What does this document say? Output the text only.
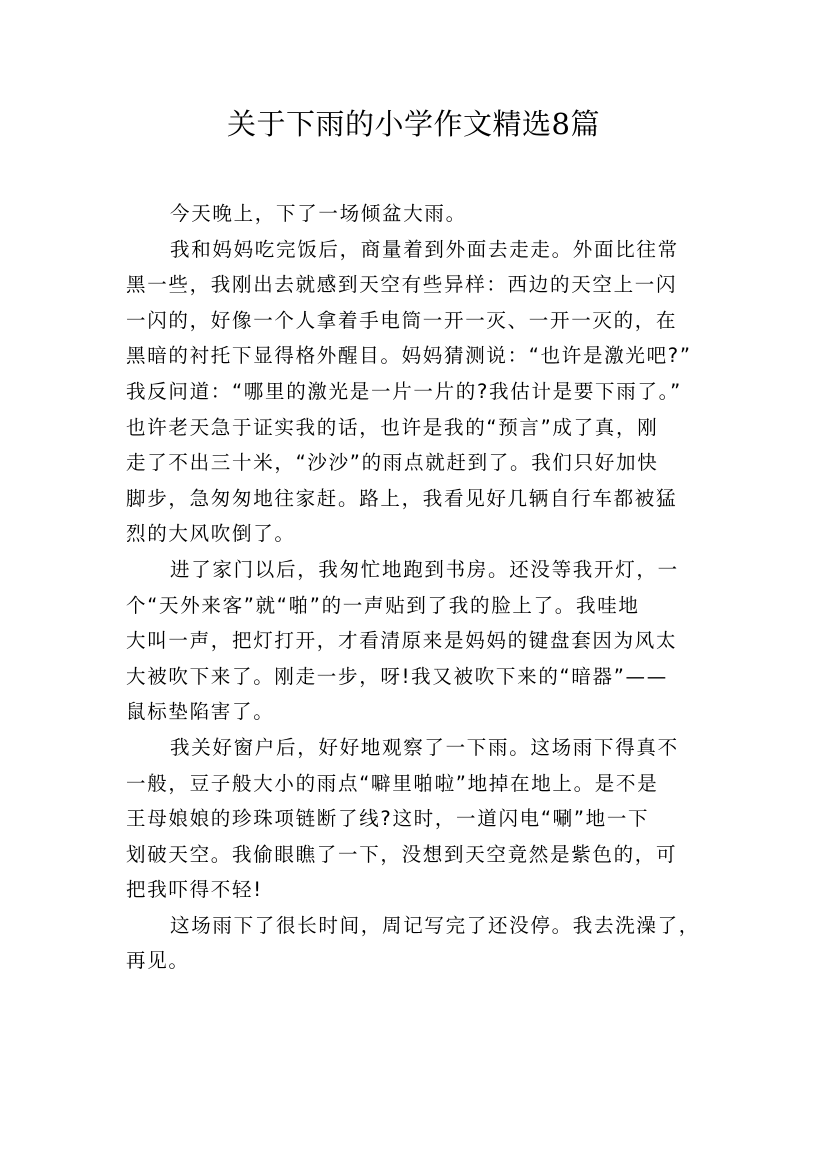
关于下雨的小学作文精选8篇
今天晚上，下了一场倾盆大雨。
我和妈妈吃完饭后，商量着到外面去走走。外面比往常
黑一些，我刚出去就感到天空有些异样：西边的天空上一闪
一闪的，好像一个人拿着手电筒一开一灭、一开一灭的，在
黑暗的衬托下显得格外醒目。妈妈猜测说：“也许是激光吧?”
我反问道：“哪里的激光是一片一片的?我估计是要下雨了。”
也许老天急于证实我的话，也许是我的“预言”成了真，刚
走了不出三十米，“沙沙”的雨点就赶到了。我们只好加快
脚步，急匆匆地往家赶。路上，我看见好几辆自行车都被猛
烈的大风吹倒了。
进了家门以后，我匆忙地跑到书房。还没等我开灯，一
个“天外来客”就“啪”的一声贴到了我的脸上了。我哇地
大叫一声，把灯打开，才看清原来是妈妈的键盘套因为风太
大被吹下来了。刚走一步，呀!我又被吹下来的“暗器”——
鼠标垫陷害了。
我关好窗户后，好好地观察了一下雨。这场雨下得真不
一般，豆子般大小的雨点“噼里啪啦”地掉在地上。是不是
王母娘娘的珍珠项链断了线?这时，一道闪电“唰”地一下
划破天空。我偷眼瞧了一下，没想到天空竟然是紫色的，可
把我吓得不轻!
这场雨下了很长时间，周记写完了还没停。我去洗澡了，
再见。
